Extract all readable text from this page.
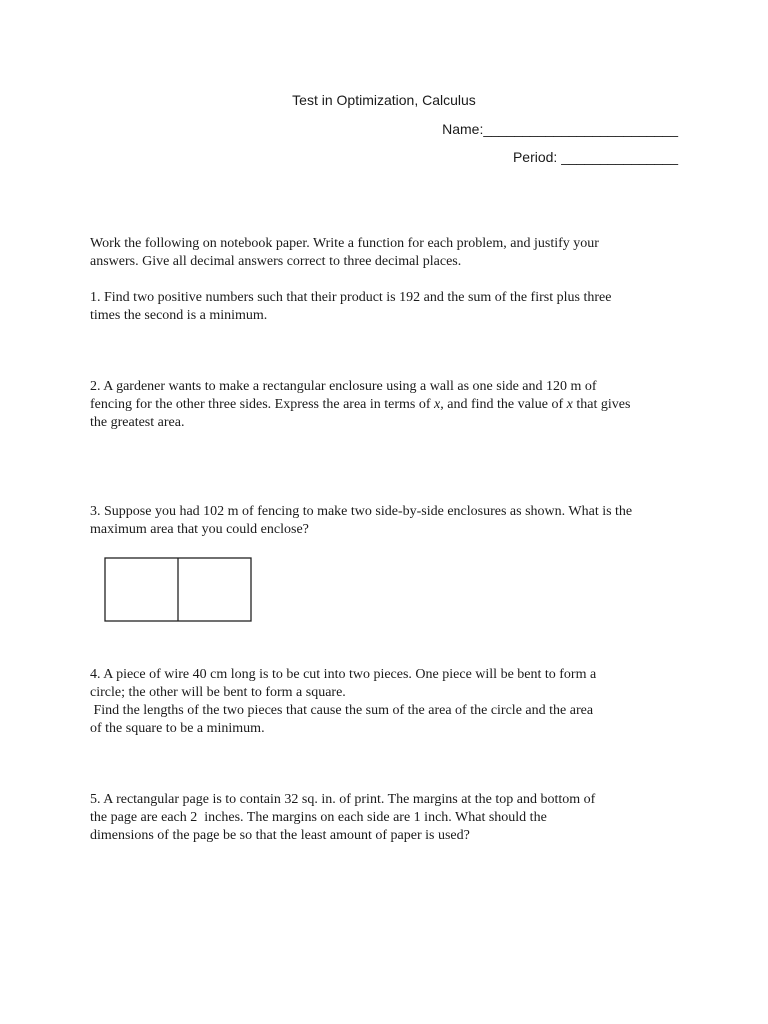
Test in Optimization, Calculus
Name:_________________________
Period: _______________
Work the following on notebook paper. Write a function for each problem, and justify your
answers. Give all decimal answers correct to three decimal places.
1. Find two positive numbers such that their product is 192 and the sum of the first plus three
times the second is a minimum.
2. A gardener wants to make a rectangular enclosure using a wall as one side and 120 m of
fencing for the other three sides. Express the area in terms of x, and find the value of x that gives
the greatest area.
3. Suppose you had 102 m of fencing to make two side-by-side enclosures as shown. What is the
maximum area that you could enclose?
4. A piece of wire 40 cm long is to be cut into two pieces. One piece will be bent to form a
circle; the other will be bent to form a square.
Find the lengths of the two pieces that cause the sum of the area of the circle and the area
of the square to be a minimum.
5. A rectangular page is to contain 32 sq. in. of print. The margins at the top and bottom of
the page are each 2  inches. The margins on each side are 1 inch. What should the
dimensions of the page be so that the least amount of paper is used?
